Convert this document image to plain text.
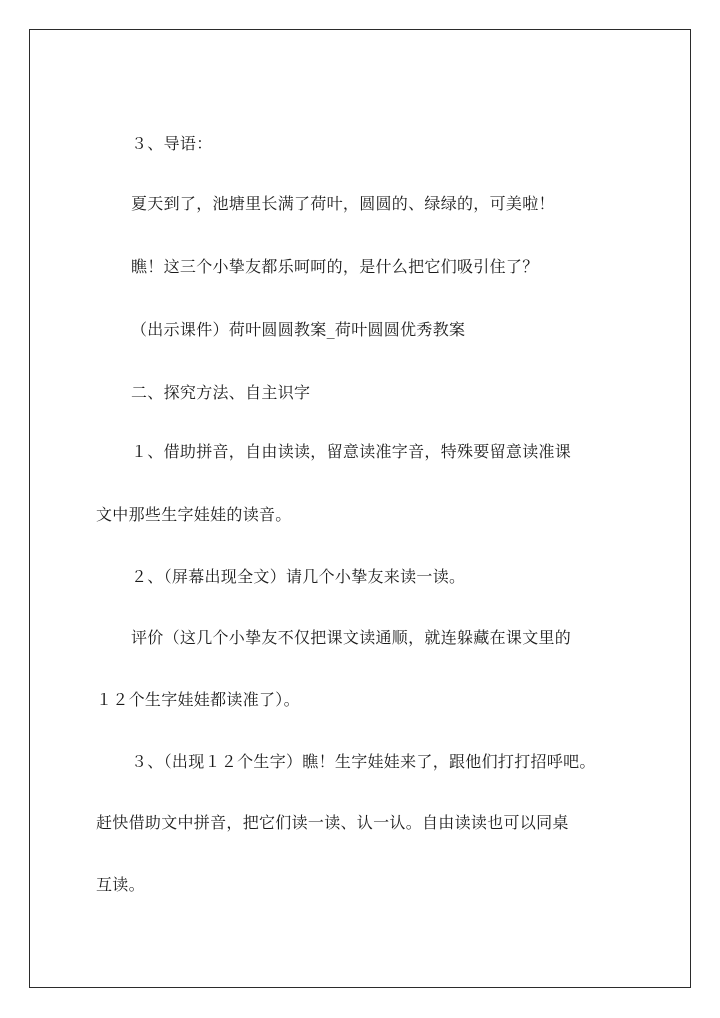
３、导语：
夏天到了，池塘里长满了荷叶，圆圆的、绿绿的，可美啦！
瞧！这三个小挚友都乐呵呵的，是什么把它们吸引住了？
（出示课件）荷叶圆圆教案_荷叶圆圆优秀教案
二、探究方法、自主识字
１、借助拼音，自由读读，留意读准字音，特殊要留意读准课
文中那些生字娃娃的读音。
２、（屏幕出现全文）请几个小挚友来读一读。
评价（这几个小挚友不仅把课文读通顺，就连躲藏在课文里的
１２个生字娃娃都读准了）。
３、（出现１２个生字）瞧！生字娃娃来了，跟他们打打招呼吧。
赶快借助文中拼音，把它们读一读、认一认。自由读读也可以同桌
互读。
